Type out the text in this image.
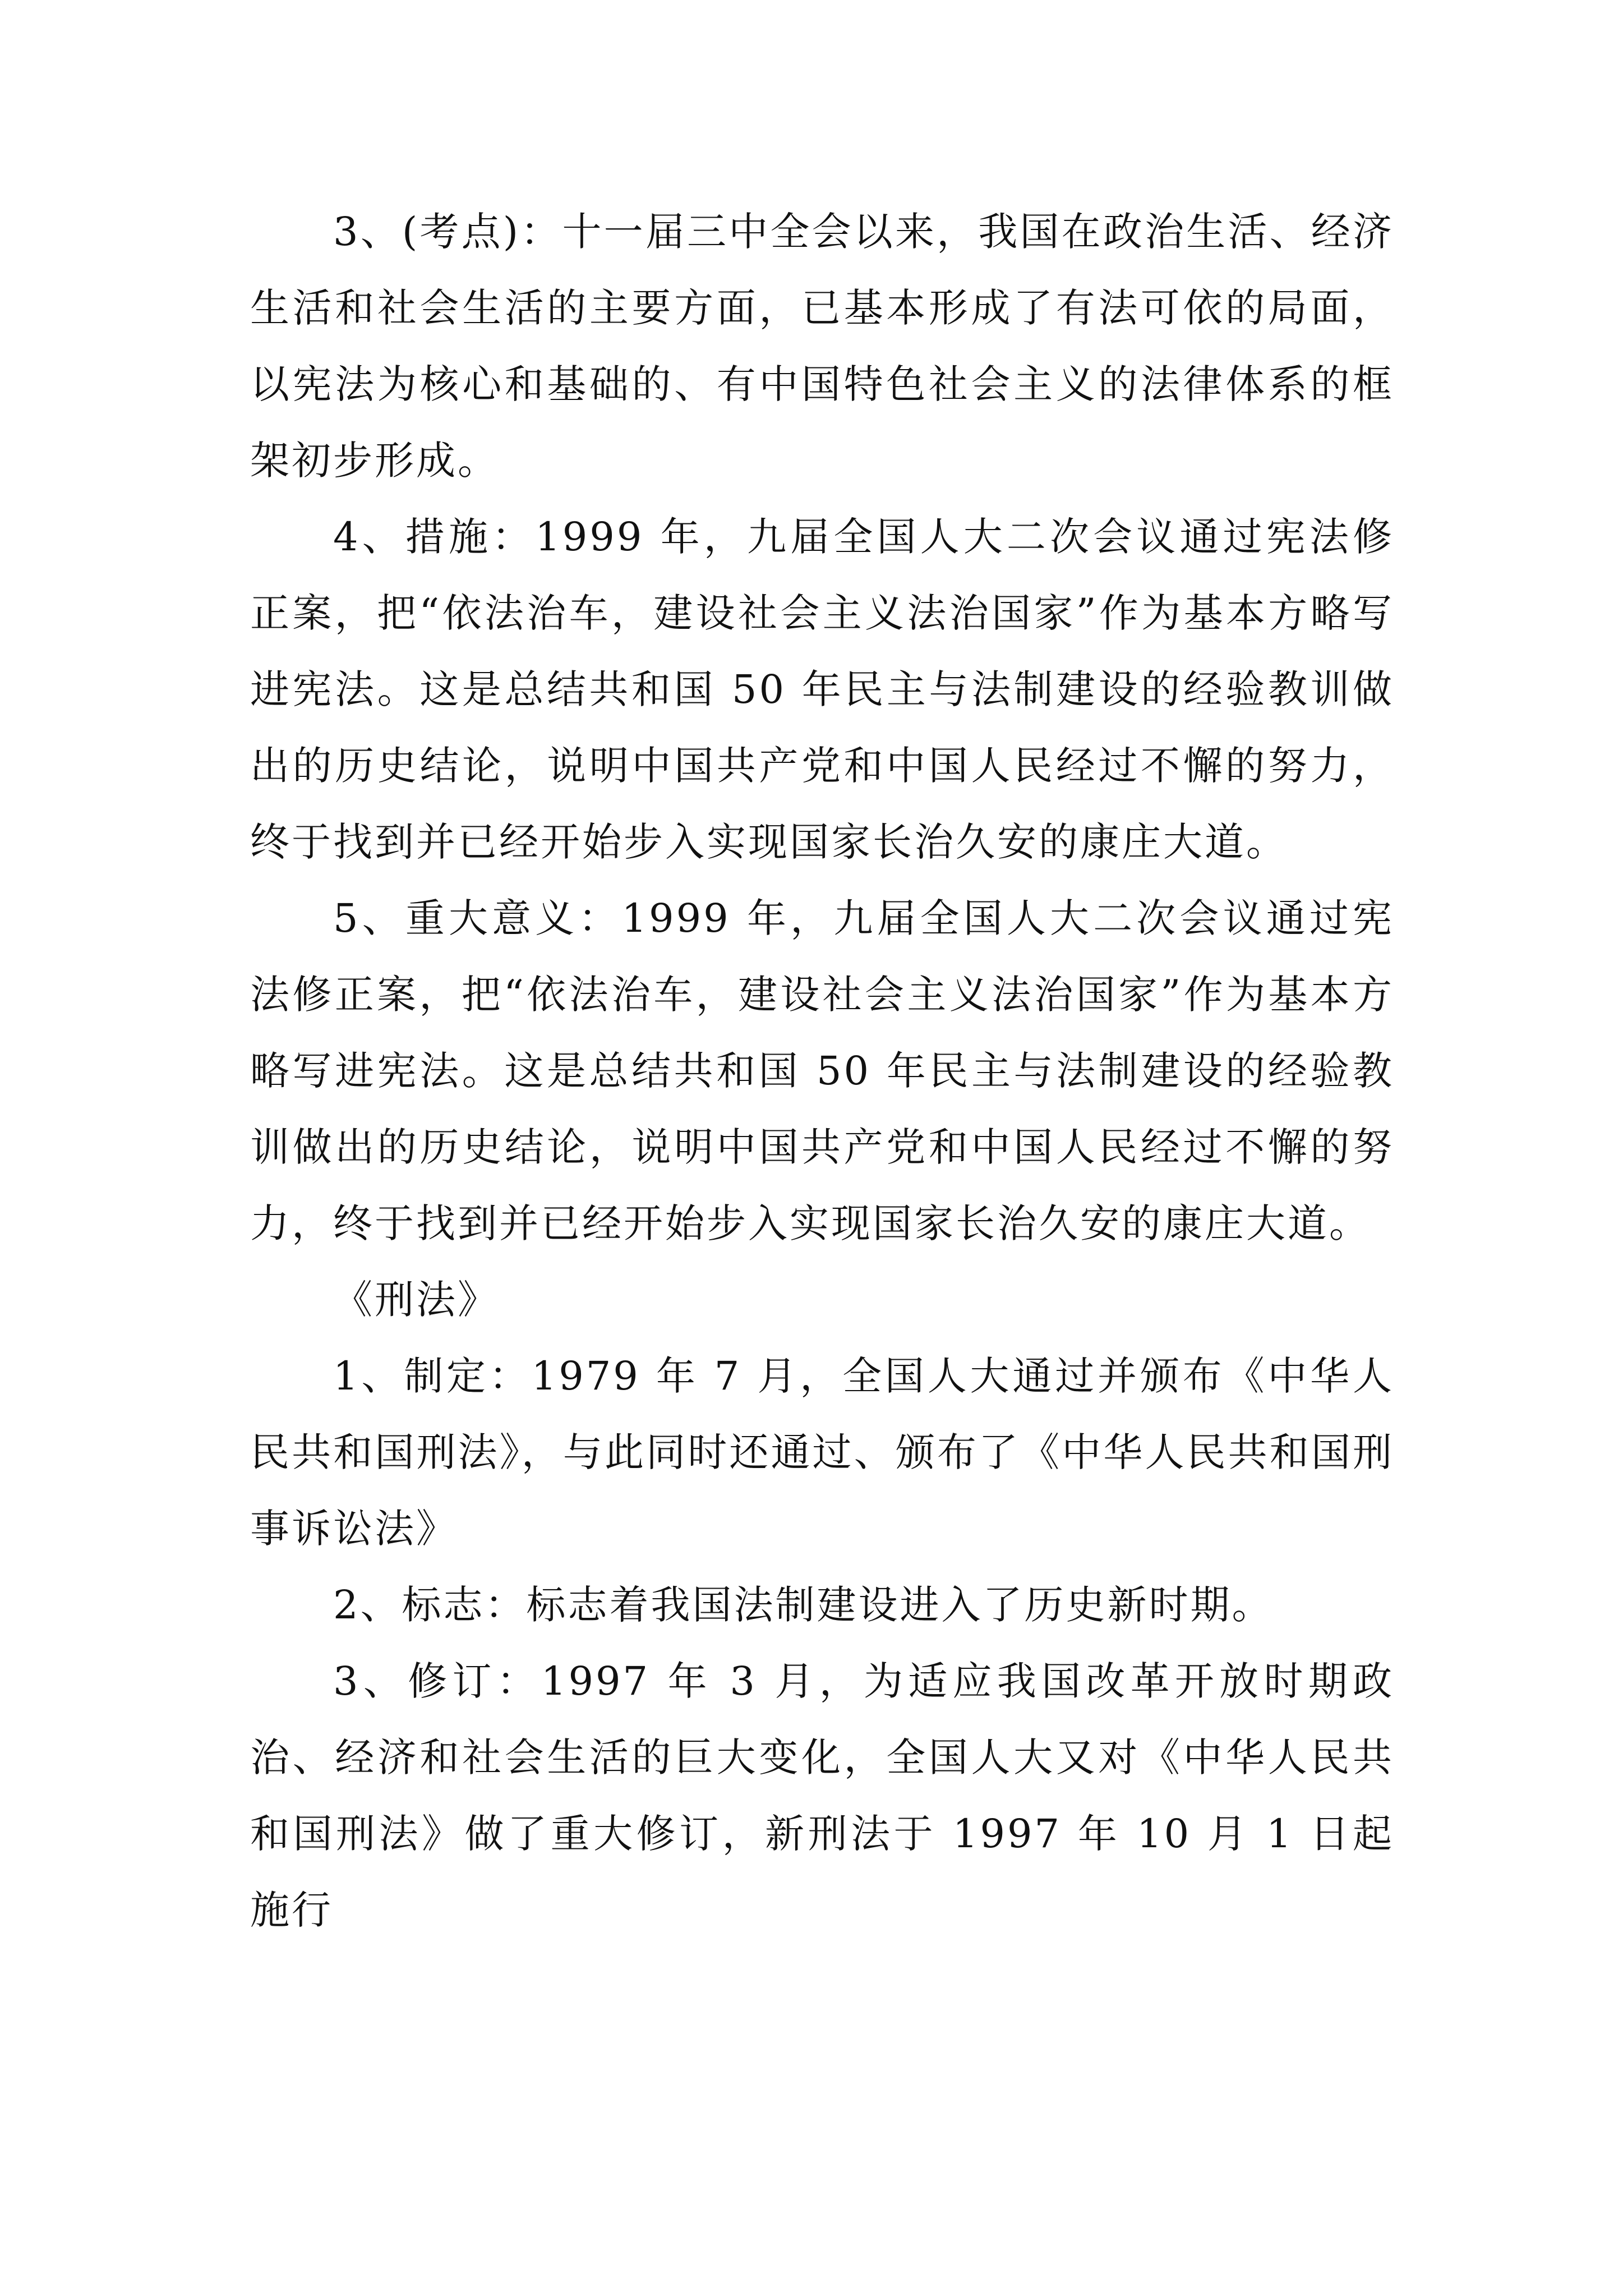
3、(考点)：十一届三中全会以来，我国在政治生活、经济生活和社会生活的主要方面，已基本形成了有法可依的局面，以宪法为核心和基础的、有中国特色社会主义的法律体系的框架初步形成。

4、措施：1999 年，九届全国人大二次会议通过宪法修正案，把“依法治车，建设社会主义法治国家”作为基本方略写进宪法。这是总结共和国 50 年民主与法制建设的经验教训做出的历史结论，说明中国共产党和中国人民经过不懈的努力，终于找到并已经开始步入实现国家长治久安的康庄大道。

5、重大意义：1999 年，九届全国人大二次会议通过宪法修正案，把“依法治车，建设社会主义法治国家”作为基本方略写进宪法。这是总结共和国 50 年民主与法制建设的经验教训做出的历史结论，说明中国共产党和中国人民经过不懈的努力，终于找到并已经开始步入实现国家长治久安的康庄大道。

《刑法》

1、制定：1979 年 7 月，全国人大通过并颁布《中华人民共和国刑法》，与此同时还通过、颁布了《中华人民共和国刑事诉讼法》

2、标志：标志着我国法制建设进入了历史新时期。

3、修订：1997 年 3 月，为适应我国改革开放时期政治、经济和社会生活的巨大变化，全国人大又对《中华人民共和国刑法》做了重大修订，新刑法于 1997 年 10 月 1 日起施行
